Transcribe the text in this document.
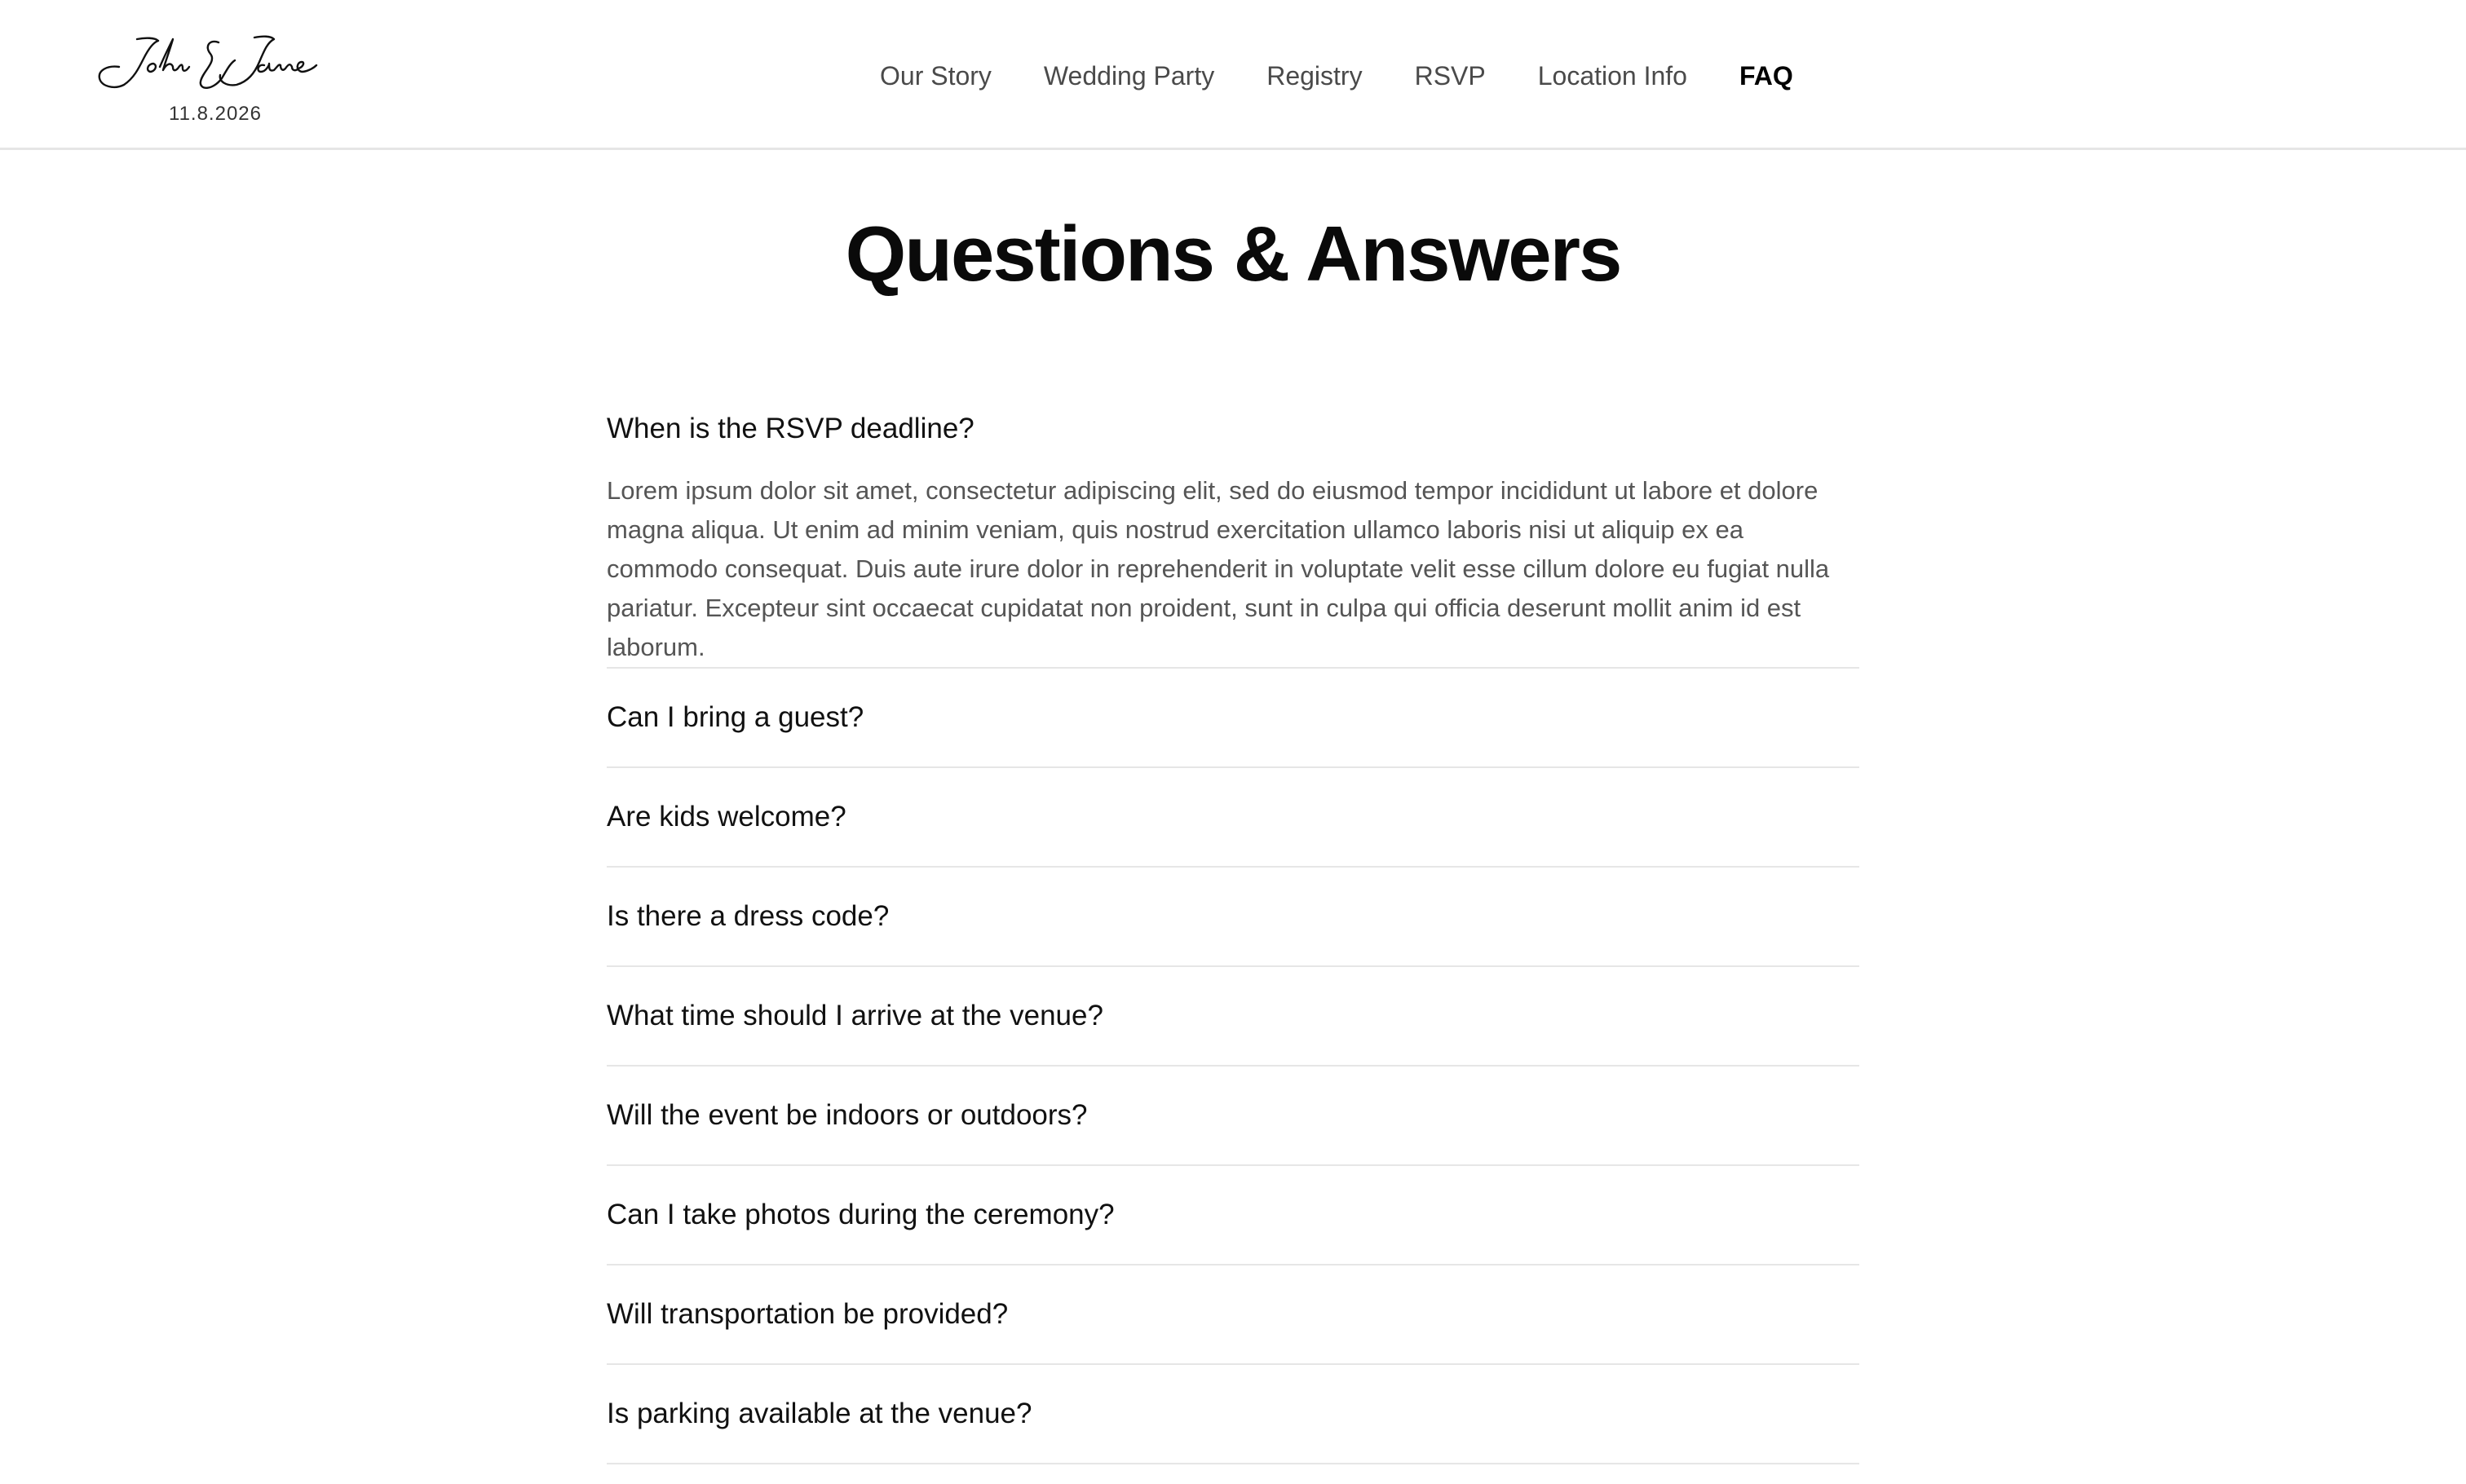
11.8.2026
Our Story Wedding Party Registry RSVP Location Info FAQ
Questions & Answers
When is the RSVP deadline?

Lorem ipsum dolor sit amet, consectetur adipiscing elit, sed do eiusmod tempor incididunt ut labore et dolore magna aliqua. Ut enim ad minim veniam, quis nostrud exercitation ullamco laboris nisi ut aliquip ex ea commodo consequat. Duis aute irure dolor in reprehenderit in voluptate velit esse cillum dolore eu fugiat nulla pariatur. Excepteur sint occaecat cupidatat non proident, sunt in culpa qui officia deserunt mollit anim id est laborum.

Can I bring a guest?
Are kids welcome?
Is there a dress code?
What time should I arrive at the venue?
Will the event be indoors or outdoors?
Can I take photos during the ceremony?
Will transportation be provided?
Is parking available at the venue?
